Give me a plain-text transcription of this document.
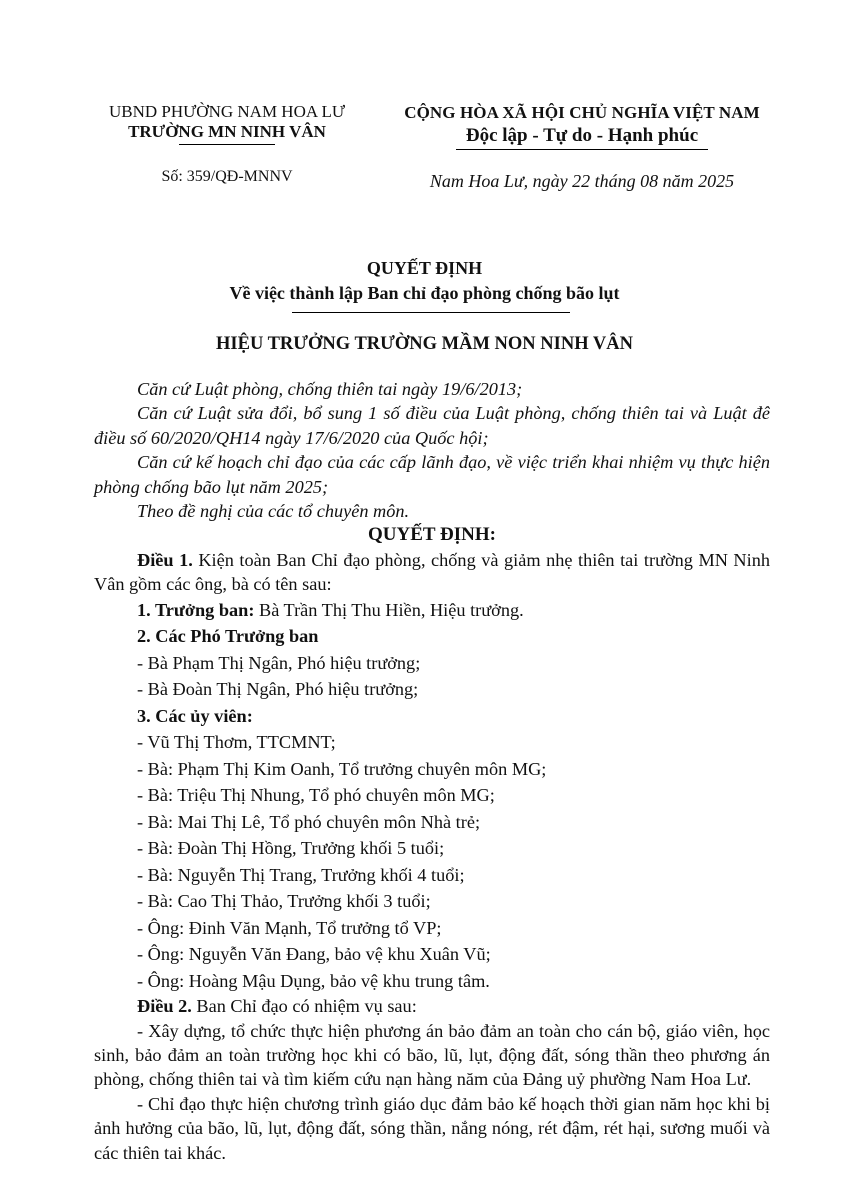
UBND PHƯỜNG NAM HOA LƯ
TRƯỜNG MN NINH VÂN
Số: 359/QĐ-MNNV
CỘNG HÒA XÃ HỘI CHỦ NGHĨA VIỆT NAM
Độc lập - Tự do - Hạnh phúc
Nam Hoa Lư, ngày 22 tháng 08 năm 2025
QUYẾT ĐỊNH
Về việc thành lập Ban chỉ đạo phòng chống bão lụt
HIỆU TRƯỞNG TRƯỜNG MẦM NON NINH VÂN

Căn cứ Luật phòng, chống thiên tai ngày 19/6/2013;

Căn cứ Luật sửa đổi, bổ sung 1 số điều của Luật phòng, chống thiên tai và Luật đê điều số 60/2020/QH14 ngày 17/6/2020 của Quốc hội;

Căn cứ kế hoạch chỉ đạo của các cấp lãnh đạo, về việc triển khai nhiệm vụ thực hiện phòng chống bão lụt năm 2025;

Theo đề nghị của các tổ chuyên môn.

QUYẾT ĐỊNH:

Điều 1. Kiện toàn Ban Chỉ đạo phòng, chống và giảm nhẹ thiên tai trường MN Ninh Vân gồm các ông, bà có tên sau:

1. Trưởng ban: Bà Trần Thị Thu Hiền, Hiệu trưởng.

2. Các Phó Trưởng ban

- Bà Phạm Thị Ngân, Phó hiệu trưởng;

- Bà Đoàn Thị Ngân, Phó hiệu trưởng;

3. Các ủy viên:

- Vũ Thị Thơm, TTCMNT;

- Bà: Phạm Thị Kim Oanh, Tổ trưởng chuyên môn MG;

- Bà: Triệu Thị Nhung, Tổ phó chuyên môn MG;

- Bà: Mai Thị Lê, Tổ phó chuyên môn Nhà trẻ;

- Bà: Đoàn Thị Hồng, Trưởng khối 5 tuổi;

- Bà: Nguyễn Thị Trang, Trưởng khối 4 tuổi;

- Bà: Cao Thị Thảo, Trưởng khối 3 tuổi;

- Ông: Đinh Văn Mạnh, Tổ trưởng tổ VP;

- Ông: Nguyễn Văn Đang, bảo vệ khu Xuân Vũ;

- Ông: Hoàng Mậu Dụng, bảo vệ khu trung tâm.

Điều 2. Ban Chỉ đạo có nhiệm vụ sau:

- Xây dựng, tổ chức thực hiện phương án bảo đảm an toàn cho cán bộ, giáo viên, học sinh, bảo đảm an toàn trường học khi có bão, lũ, lụt, động đất, sóng thần theo phương án phòng, chống thiên tai và tìm kiếm cứu nạn hàng năm của Đảng uỷ phường Nam Hoa Lư.

- Chỉ đạo thực hiện chương trình giáo dục đảm bảo kế hoạch thời gian năm học khi bị ảnh hưởng của bão, lũ, lụt, động đất, sóng thần, nắng nóng, rét đậm, rét hại, sương muối và các thiên tai khác.
